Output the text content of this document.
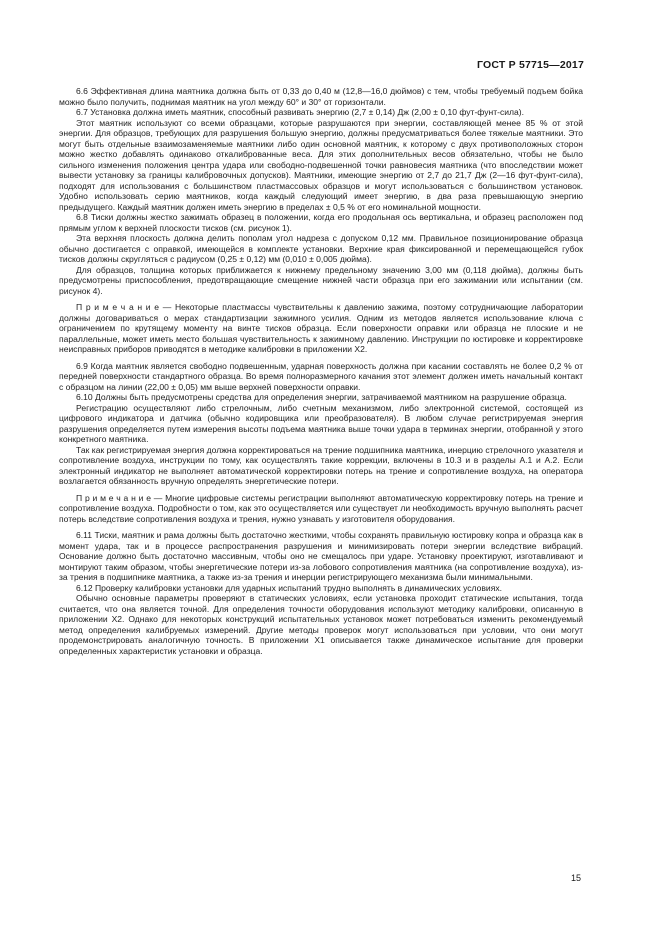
ГОСТ Р 57715—2017

6.6 Эффективная длина маятника должна быть от 0,33 до 0,40 м (12,8—16,0 дюймов) с тем, чтобы требуемый подъем бойка можно было получить, поднимая маятник на угол между 60° и 30° от горизонтали.

6.7 Установка должна иметь маятник, способный развивать энергию (2,7 ± 0,14) Дж (2,00 ± 0,10 фут-фунт-сила).

Этот маятник используют со всеми образцами, которые разрушаются при энергии, составляющей менее 85 % от этой энергии. Для образцов, требующих для разрушения большую энергию, должны предусматриваться более тяжелые маятники. Это могут быть отдельные взаимозаменяемые маятники либо один основной маятник, к которому с двух противоположных сторон можно жестко добавлять одинаково откалиброванные веса. Для этих дополнительных весов обязательно, чтобы не было сильного изменения положения центра удара или свободно-подвешенной точки равновесия маятника (что впоследствии может вывести установку за границы калибровочных допусков). Маятники, имеющие энергию от 2,7 до 21,7 Дж (2—16 фут-фунт-сила), подходят для использования с большинством пластмассовых образцов и могут использоваться с большинством установок. Удобно использовать серию маятников, когда каждый следующий имеет энергию, в два раза превышающую энергию предыдущего. Каждый маятник должен иметь энергию в пределах ± 0,5 % от его номинальной мощности.

6.8 Тиски должны жестко зажимать образец в положении, когда его продольная ось вертикальна, и образец расположен под прямым углом к верхней плоскости тисков (см. рисунок 1).

Эта верхняя плоскость должна делить пополам угол надреза с допуском 0,12 мм. Правильное позиционирование образца обычно достигается с оправкой, имеющейся в комплекте установки. Верхние края фиксированной и перемещающейся губок тисков должны скругляться с радиусом (0,25 ± 0,12) мм (0,010 ± 0,005 дюйма).

Для образцов, толщина которых приближается к нижнему предельному значению 3,00 мм (0,118 дюйма), должны быть предусмотрены приспособления, предотвращающие смещение нижней части образца при его зажимании или испытании (см. рисунок 4).

П р и м е ч а н и е — Некоторые пластмассы чувствительны к давлению зажима, поэтому сотрудничающие лаборатории должны договариваться о мерах стандартизации зажимного усилия. Одним из методов является использование ключа с ограничением по крутящему моменту на винте тисков образца. Если поверхности оправки или образца не плоские и не параллельные, может иметь место большая чувствительность к зажимному давлению. Инструкции по юстировке и корректировке неисправных приборов приводятся в методике калибровки в приложении X2.

6.9 Когда маятник является свободно подвешенным, ударная поверхность должна при касании составлять не более 0,2 % от передней поверхности стандартного образца. Во время полноразмерного качания этот элемент должен иметь начальный контакт с образцом на линии (22,00 ± 0,05) мм выше верхней поверхности оправки.

6.10 Должны быть предусмотрены средства для определения энергии, затрачиваемой маятником на разрушение образца.

Регистрацию осуществляют либо стрелочным, либо счетным механизмом, либо электронной системой, состоящей из цифрового индикатора и датчика (обычно кодировщика или преобразователя). В любом случае регистрируемая энергия разрушения определяется путем измерения высоты подъема маятника выше точки удара в терминах энергии, отобранной у этого конкретного маятника.

Так как регистрируемая энергия должна корректироваться на трение подшипника маятника, инерцию стрелочного указателя и сопротивление воздуха, инструкции по тому, как осуществлять такие коррекции, включены в 10.3 и в разделы А.1 и А.2. Если электронный индикатор не выполняет автоматической корректировки потерь на трение и сопротивление воздуха, на оператора возлагается обязанность вручную определять энергетические потери.

П р и м е ч а н и е — Многие цифровые системы регистрации выполняют автоматическую корректировку потерь на трение и сопротивление воздуха. Подробности о том, как это осуществляется или существует ли необходимость вручную выполнять расчет потерь вследствие сопротивления воздуха и трения, нужно узнавать у изготовителя оборудования.

6.11 Тиски, маятник и рама должны быть достаточно жесткими, чтобы сохранять правильную юстировку копра и образца как в момент удара, так и в процессе распространения разрушения и минимизировать потери энергии вследствие вибраций. Основание должно быть достаточно массивным, чтобы оно не смещалось при ударе. Установку проектируют, изготавливают и монтируют таким образом, чтобы энергетические потери из-за лобового сопротивления маятника (на сопротивление воздуха), из-за трения в подшипнике маятника, а также из-за трения и инерции регистрирующего механизма были минимальными.

6.12 Проверку калибровки установки для ударных испытаний трудно выполнять в динамических условиях.

Обычно основные параметры проверяют в статических условиях, если установка проходит статические испытания, тогда считается, что она является точной. Для определения точности оборудования используют методику калибровки, описанную в приложении X2. Однако для некоторых конструкций испытательных установок может потребоваться изменить рекомендуемый метод определения калибруемых измерений. Другие методы проверок могут использоваться при условии, что они могут продемонстрировать аналогичную точность. В приложении X1 описывается также динамическое испытание для проверки определенных характеристик установки и образца.

15
